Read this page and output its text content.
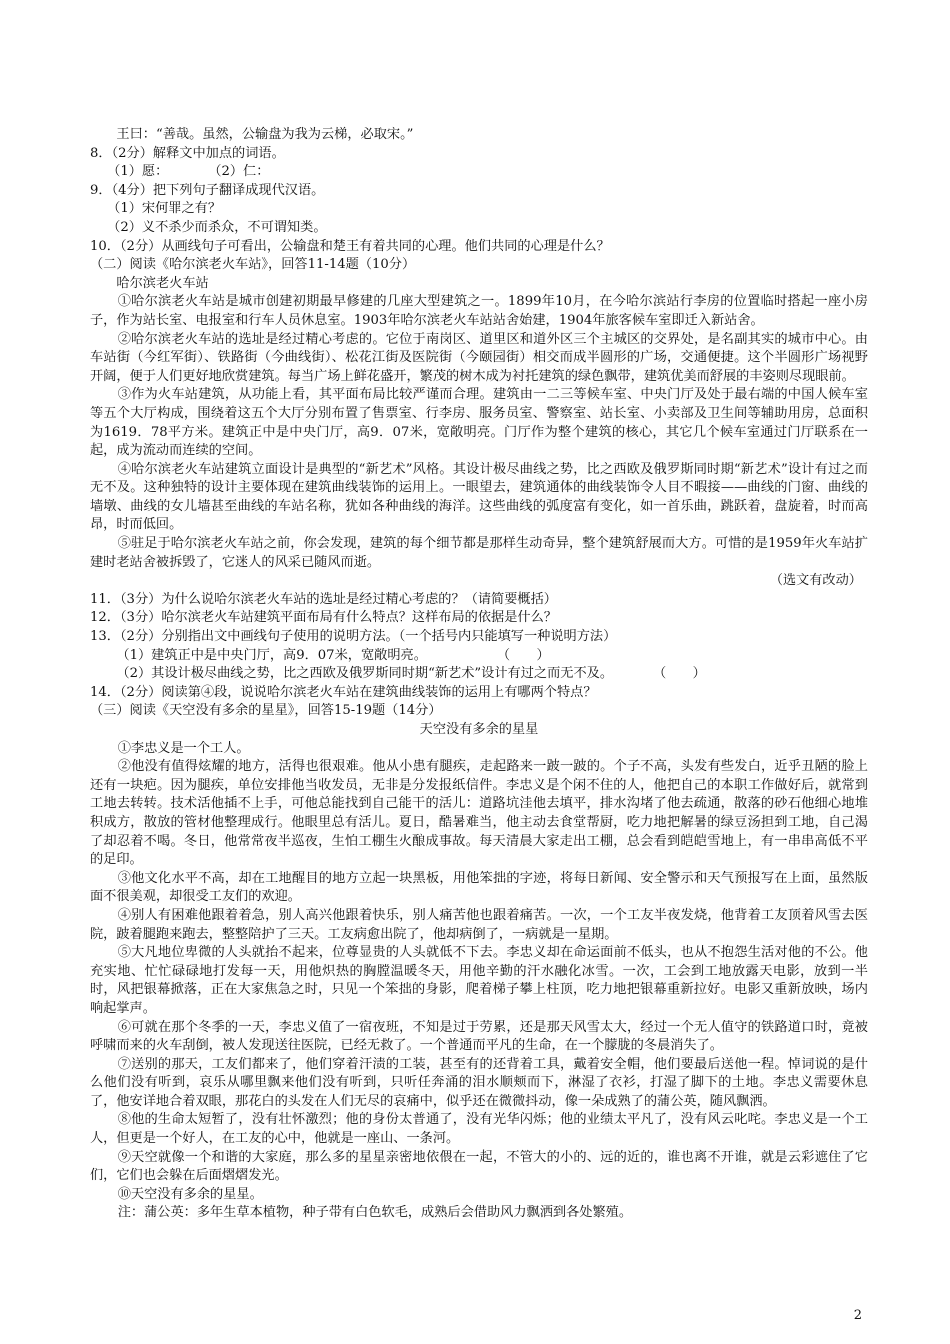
王曰：“善哉。虽然，公输盘为我为云梯，必取宋。”

8．（2分）解释文中加点的词语。

（1）愿：	（2）仁：

9．（4分）把下列句子翻译成现代汉语。

（1）宋何罪之有？

（2）义不杀少而杀众，不可谓知类。

10．（2分）从画线句子可看出，公输盘和楚王有着共同的心理。他们共同的心理是什么？

（二）阅读《哈尔滨老火车站》，回答11-14题（10分）

哈尔滨老火车站

①哈尔滨老火车站是城市创建初期最早修建的几座大型建筑之一。1899年10月，在今哈尔滨站行李房的位置临时搭起一座小房子，作为站长室、电报室和行车人员休息室。1903年哈尔滨老火车站站舍始建，1904年旅客候车室即迁入新站舍。

②哈尔滨老火车站的选址是经过精心考虑的。它位于南岗区、道里区和道外区三个主城区的交界处，是名副其实的城市中心。由车站街（今红军街）、铁路街（今曲线街）、松花江街及医院街（今颐园街）相交而成半圆形的广场，交通便捷。这个半圆形广场视野开阔，便于人们更好地欣赏建筑。每当广场上鲜花盛开，繁茂的树木成为衬托建筑的绿色飘带，建筑优美而舒展的丰姿则尽现眼前。

③作为火车站建筑，从功能上看，其平面布局比较严谨而合理。建筑由一二三等候车室、中央门厅及处于最右端的中国人候车室等五个大厅构成，围绕着这五个大厅分别布置了售票室、行李房、服务员室、警察室、站长室、小卖部及卫生间等辅助用房，总面积为1619．78平方米。建筑正中是中央门厅，高9．07米，宽敞明亮。门厅作为整个建筑的核心，其它几个候车室通过门厅联系在一起，成为流动而连续的空间。

④哈尔滨老火车站建筑立面设计是典型的“新艺术”风格。其设计极尽曲线之势，比之西欧及俄罗斯同时期“新艺术”设计有过之而无不及。这种独特的设计主要体现在建筑曲线装饰的运用上。一眼望去，建筑通体的曲线装饰令人目不暇接——曲线的门窗、曲线的墙墩、曲线的女儿墙甚至曲线的车站名称，犹如各种曲线的海洋。这些曲线的弧度富有变化，如一首乐曲，跳跃着，盘旋着，时而高昂，时而低回。

⑤驻足于哈尔滨老火车站之前，你会发现，建筑的每个细节都是那样生动奇异，整个建筑舒展而大方。可惜的是1959年火车站扩建时老站舍被拆毁了，它迷人的风采已随风而逝。

（选文有改动）

11．（3分）为什么说哈尔滨老火车站的选址是经过精心考虑的？（请简要概括）

12．（3分）哈尔滨老火车站建筑平面布局有什么特点？这样布局的依据是什么？

13．（2分）分别指出文中画线句子使用的说明方法。（一个括号内只能填写一种说明方法）

（1）建筑正中是中央门厅，高9．07米，宽敞明亮。	（　　）

（2）其设计极尽曲线之势，比之西欧及俄罗斯同时期“新艺术”设计有过之而无不及。	（　　）

14．（2分）阅读第④段，说说哈尔滨老火车站在建筑曲线装饰的运用上有哪两个特点？

（三）阅读《天空没有多余的星星》，回答15-19题（14分）

天空没有多余的星星

①李忠义是一个工人。

②他没有值得炫耀的地方，活得也很艰难。他从小患有腿疾，走起路来一跛一跛的。个子不高，头发有些发白，近乎丑陋的脸上还有一块疤。因为腿疾，单位安排他当收发员，无非是分发报纸信件。李忠义是个闲不住的人，他把自己的本职工作做好后，就常到工地去转转。技术活他插不上手，可他总能找到自己能干的活儿：道路坑洼他去填平，排水沟堵了他去疏通，散落的砂石他细心地堆积成方，散放的管材他整理成行。他眼里总有活儿。夏日，酷暑难当，他主动去食堂帮厨，吃力地把解暑的绿豆汤担到工地，自己渴了却忍着不喝。冬日，他常常夜半巡夜，生怕工棚生火酿成事故。每天清晨大家走出工棚，总会看到皑皑雪地上，有一串串高低不平的足印。

③他文化水平不高，却在工地醒目的地方立起一块黑板，用他笨拙的字迹，将每日新闻、安全警示和天气预报写在上面，虽然版面不很美观，却很受工友们的欢迎。

④别人有困难他跟着着急，别人高兴他跟着快乐，别人痛苦他也跟着痛苦。一次，一个工友半夜发烧，他背着工友顶着风雪去医院，跛着腿跑来跑去，整整陪护了三天。工友病愈出院了，他却病倒了，一病就是一星期。

⑤大凡地位卑微的人头就抬不起来，位尊显贵的人头就低不下去。李忠义却在命运面前不低头，也从不抱怨生活对他的不公。他充实地、忙忙碌碌地打发每一天，用他炽热的胸膛温暖冬天，用他辛勤的汗水融化冰雪。一次，工会到工地放露天电影，放到一半时，风把银幕掀落，正在大家焦急之时，只见一个笨拙的身影，爬着梯子攀上柱顶，吃力地把银幕重新拉好。电影又重新放映，场内响起掌声。

⑥可就在那个冬季的一天，李忠义值了一宿夜班，不知是过于劳累，还是那天风雪太大，经过一个无人值守的铁路道口时，竟被呼啸而来的火车刮倒，被人发现送往医院，已经无救了。一个普通而平凡的生命，在一个朦胧的冬晨消失了。

⑦送别的那天，工友们都来了，他们穿着汗渍的工装，甚至有的还背着工具，戴着安全帽，他们要最后送他一程。悼词说的是什么他们没有听到，哀乐从哪里飘来他们没有听到，只听任奔涌的泪水顺颊而下，淋湿了衣衫，打湿了脚下的土地。李忠义需要休息了，他安详地合着双眼，那花白的头发在人们无尽的哀痛中，似乎还在微微抖动，像一朵成熟了的蒲公英，随风飘洒。

⑧他的生命太短暂了，没有壮怀激烈；他的身份太普通了，没有光华闪烁；他的业绩太平凡了，没有风云叱咤。李忠义是一个工人，但更是一个好人，在工友的心中，他就是一座山、一条河。

⑨天空就像一个和谐的大家庭，那么多的星星亲密地依偎在一起，不管大的小的、远的近的，谁也离不开谁，就是云彩遮住了它们，它们也会躲在后面熠熠发光。

⑩天空没有多余的星星。

注：蒲公英：多年生草本植物，种子带有白色软毛，成熟后会借助风力飘洒到各处繁殖。

2
